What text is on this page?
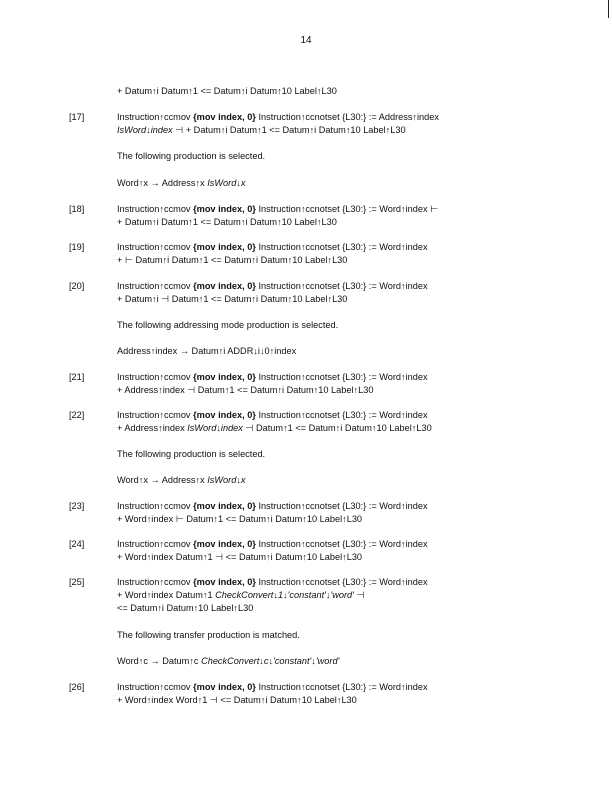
14
+ Datum↑i Datum↑1 <= Datum↑i Datum↑10 Label↑L30
[17]	Instruction↑ccmov {mov index, 0} Instruction↑ccnotset {L30:} := Address↑index
IsWord↓index ⊣ + Datum↑i Datum↑1 <= Datum↑i Datum↑10 Label↑L30
The following production is selected.
Word↑x → Address↑x IsWord↓x
[18]	Instruction↑ccmov {mov index, 0} Instruction↑ccnotset {L30:} := Word↑index ⊢
+ Datum↑i Datum↑1 <= Datum↑i Datum↑10 Label↑L30
[19]	Instruction↑ccmov {mov index, 0} Instruction↑ccnotset {L30:} := Word↑index
+ ⊢ Datum↑i Datum↑1 <= Datum↑i Datum↑10 Label↑L30
[20]	Instruction↑ccmov {mov index, 0} Instruction↑ccnotset {L30:} := Word↑index
+ Datum↑i ⊣ Datum↑1 <= Datum↑i Datum↑10 Label↑L30
The following addressing mode production is selected.
Address↑index → Datum↑i ADDR↓i↓0↑index
[21]	Instruction↑ccmov {mov index, 0} Instruction↑ccnotset {L30:} := Word↑index
+ Address↑index ⊣ Datum↑1 <= Datum↑i Datum↑10 Label↑L30
[22]	Instruction↑ccmov {mov index, 0} Instruction↑ccnotset {L30:} := Word↑index
+ Address↑index IsWord↓index ⊣ Datum↑1 <= Datum↑i Datum↑10 Label↑L30
The following production is selected.
Word↑x → Address↑x IsWord↓x
[23]	Instruction↑ccmov {mov index, 0} Instruction↑ccnotset {L30:} := Word↑index
+ Word↑index ⊢ Datum↑1 <= Datum↑i Datum↑10 Label↑L30
[24]	Instruction↑ccmov {mov index, 0} Instruction↑ccnotset {L30:} := Word↑index
+ Word↑index Datum↑1 ⊣ <= Datum↑i Datum↑10 Label↑L30
[25]	Instruction↑ccmov {mov index, 0} Instruction↑ccnotset {L30:} := Word↑index
+ Word↑index Datum↑1 CheckConvert↓1↓'constant'↓'word' ⊣
<= Datum↑i Datum↑10 Label↑L30
The following transfer production is matched.
Word↑c → Datum↑c CheckConvert↓c↓'constant'↓'word'
[26]	Instruction↑ccmov {mov index, 0} Instruction↑ccnotset {L30:} := Word↑index
+ Word↑index Word↑1 ⊣ <= Datum↑i Datum↑10 Label↑L30
